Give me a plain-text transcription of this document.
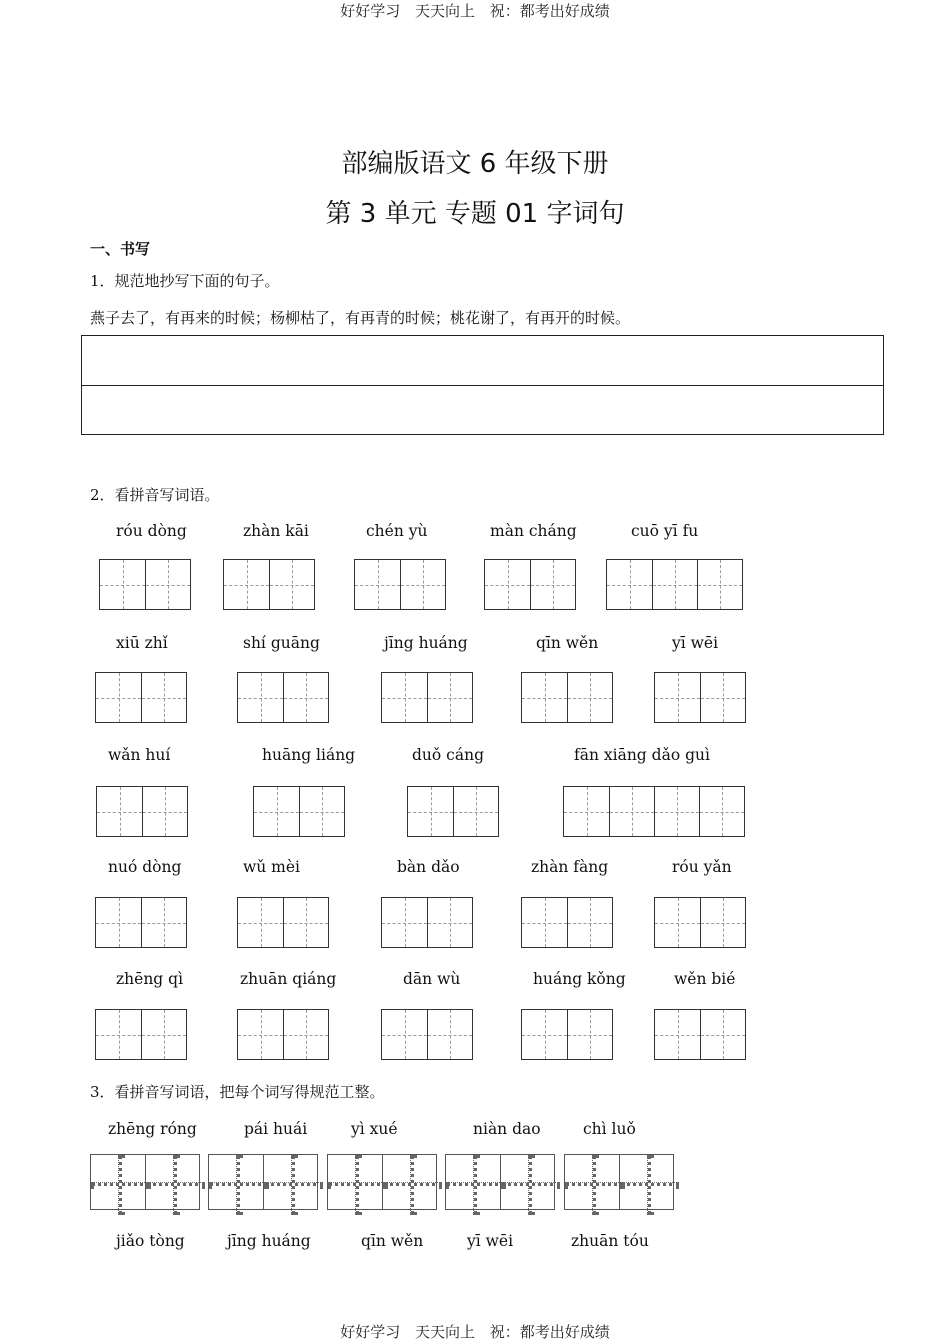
好好学习 天天向上 祝：都考出好成绩
部编版语文 6 年级下册
第 3 单元 专题 01 字词句
一、书写
1．规范地抄写下面的句子。
燕子去了，有再来的时候；杨柳枯了，有再青的时候；桃花谢了，有再开的时候。
2．看拼音写词语。
róu dòng	zhàn kāi	chén yù	màn cháng	cuō yī fu
xiū zhǐ	shí guāng	jīng huáng	qīn wěn	yī wēi
wǎn huí	huāng liáng	duǒ cáng	fān xiāng dǎo guì
nuó dòng	wǔ mèi	bàn dǎo	zhàn fàng	róu yǎn
zhēng qì	zhuān qiáng	dān wù	huáng kǒng	wěn bié
3．看拼音写词语，把每个词写得规范工整。
zhēng róng	pái huái	yì xué	niàn dao	chì luǒ
jiǎo tòng	jīng huáng	qīn wěn	yī wēi	zhuān tóu
好好学习 天天向上 祝：都考出好成绩
